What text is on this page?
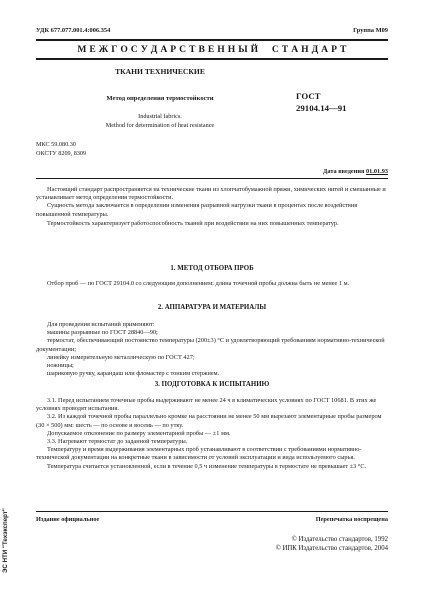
УДК 677.077.001.4:006.354	Группа М09
М Е Ж Г О С У Д А Р С Т В Е Н Н Ы Й     С Т А Н Д А Р Т
ТКАНИ ТЕХНИЧЕСКИЕ
Метод определения термостойкости
Industrial fabrics.
Method for determination of heat resistance
ГОСТ
29104.14—91
МКС 59.080.30
ОКСТУ 8209, 8309
Дата введения 01.01.93
Настоящий стандарт распространяется на технические ткани из хлопчатобумажной пряжи, химических нитей и смешанные и устанавливает метод определения термостойкости.
Сущность метода заключается в определении изменения разрывной нагрузки ткани в процентах после воздействия повышенной температуры.
Термостойкость характеризует работоспособность тканей при воздействии на них повышенных температур.
1. МЕТОД ОТБОРА ПРОБ
Отбор проб — по ГОСТ 29104.0 со следующим дополнением: длина точечной пробы должна быть не менее 1 м.
2. АППАРАТУРА И МАТЕРИАЛЫ
Для проведения испытаний применяют:
машины разрывные по ГОСТ 28840—90;
термостат, обеспечивающий постоянство температуры (200±3) °С и удовлетворяющий требованиям нормативно-технической документации;
линейку измерительную металлическую по ГОСТ 427;
ножницы;
шариковую ручку, карандаш или фломастер с тонким стержнем.
3. ПОДГОТОВКА К ИСПЫТАНИЮ
3.1. Перед испытанием точечные пробы выдерживают не менее 24 ч в климатических условиях по ГОСТ 10681. В этих же условиях проводят испытания.
3.2. Из каждой точечной пробы параллельно кромке на расстоянии не менее 50 мм вырезают элементарные пробы размером (30 × 500) мм: шесть — по основе и восемь — по утку.
Допускаемое отклонение по размеру элементарной пробы — ±1 мм.
3.3. Нагревают термостат до заданной температуры.
Температуру и время выдерживания элементарных проб устанавливают в соответствии с требованиями нормативно-технической документации на конкретные ткани в зависимости от условий эксплуатации и вида используемого сырья.
Температура считается установленной, если в течение 0,5 ч изменение температуры в термостате не превышает ±3 °С.
Издание официальное	Перепечатка воспрещена
© Издательство стандартов, 1992
© ИПК Издательство стандартов, 2004
ЭС НТИ "Техэксперт"
